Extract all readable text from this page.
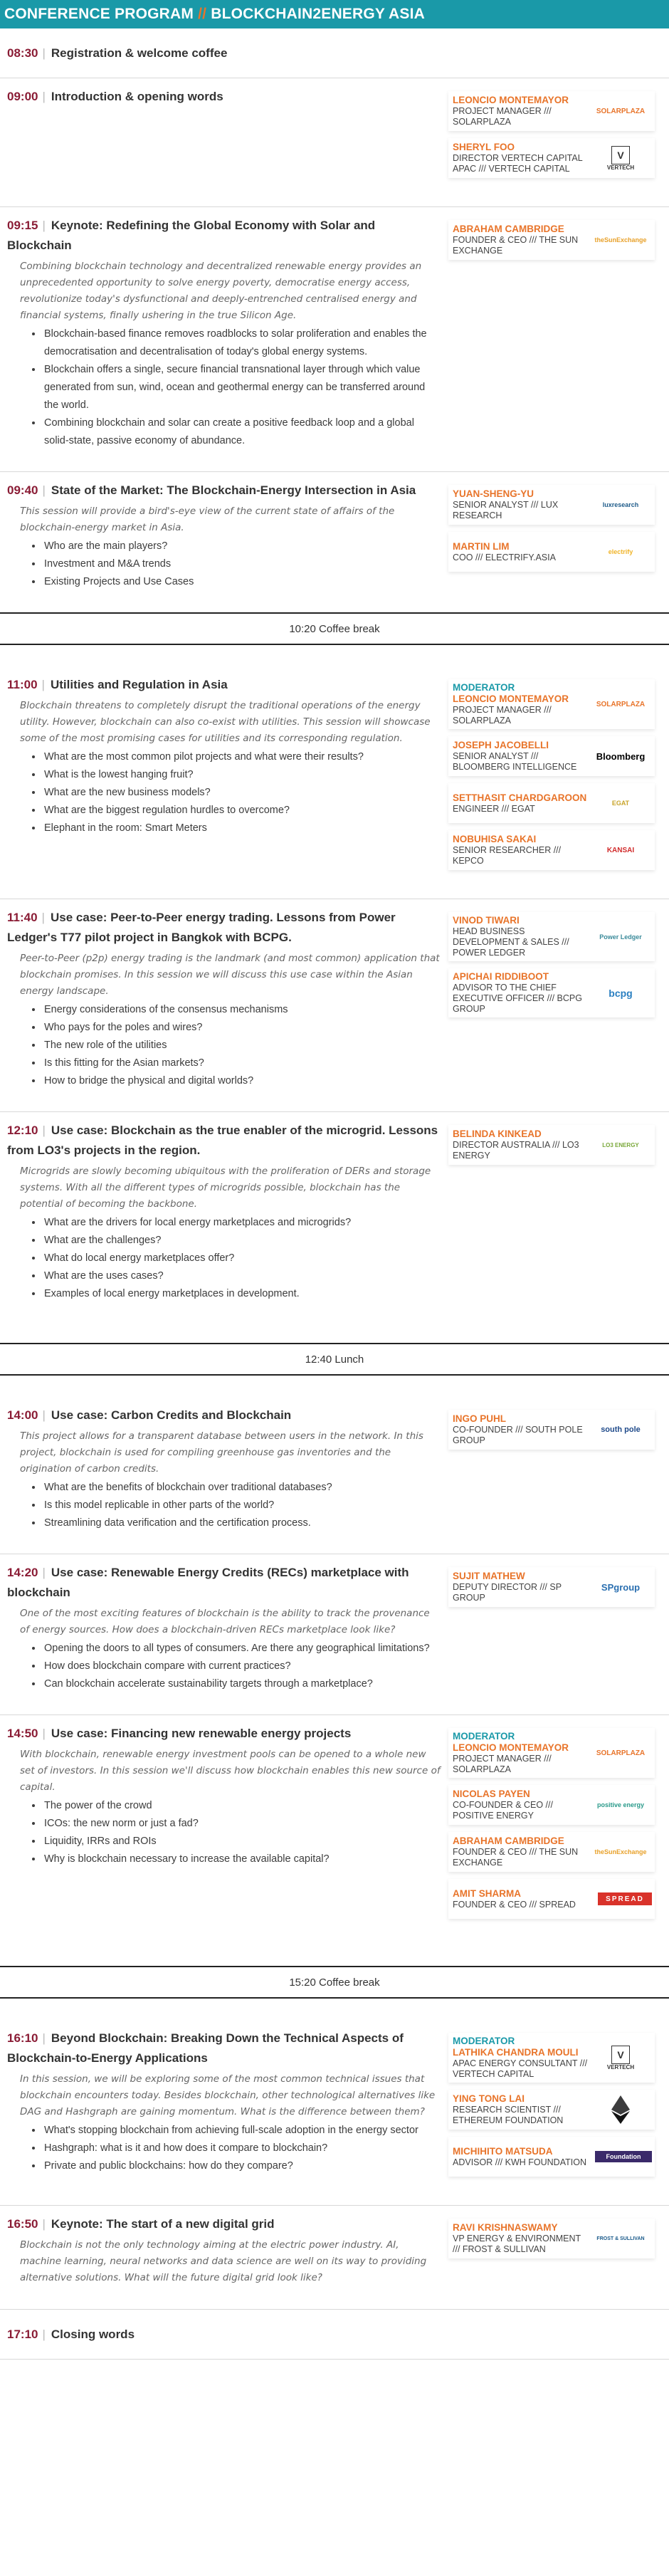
CONFERENCE PROGRAM // BLOCKCHAIN2ENERGY ASIA
08:30 | Registration & welcome coffee
09:00 | Introduction & opening words	LEONCIO MONTEMAYOR
PROJECT MANAGER /// SOLARPLAZA
SOLARPLAZA
SHERYL FOO
DIRECTOR VERTECH CAPITAL APAC /// VERTECH CAPITAL
V
VERTECH
09:15 | Keynote: Redefining the Global Economy with Solar and Blockchain
Combining blockchain technology and decentralized renewable energy provides an unprecedented opportunity to solve energy poverty, democratise energy access, revolutionize today's dysfunctional and deeply-entrenched centralised energy and financial systems, finally ushering in the true Silicon Age.
• Blockchain-based finance removes roadblocks to solar proliferation and enables the democratisation and decentralisation of today's global energy systems.
• Blockchain offers a single, secure financial transnational layer through which value generated from sun, wind, ocean and geothermal energy can be transferred around the world.
• Combining blockchain and solar can create a positive feedback loop and a global solid-state, passive economy of abundance.
ABRAHAM CAMBRIDGE
FOUNDER & CEO /// THE SUN EXCHANGE
theSunExchange
09:40 | State of the Market: The Blockchain-Energy Intersection in Asia
This session will provide a bird's-eye view of the current state of affairs of the blockchain-energy market in Asia.
• Who are the main players?
• Investment and M&A trends
• Existing Projects and Use Cases
YUAN-SHENG-YU
SENIOR ANALYST /// LUX RESEARCH
luxresearch
MARTIN LIM
COO /// ELECTRIFY.ASIA
electrify
10:20 Coffee break
11:00 | Utilities and Regulation in Asia
Blockchain threatens to completely disrupt the traditional operations of the energy utility. However, blockchain can also co-exist with utilities. This session will showcase some of the most promising cases for utilities and its corresponding regulation.
• What are the most common pilot projects and what were their results?
• What is the lowest hanging fruit?
• What are the new business models?
• What are the biggest regulation hurdles to overcome?
• Elephant in the room: Smart Meters
MODERATOR
LEONCIO MONTEMAYOR
PROJECT MANAGER /// SOLARPLAZA
SOLARPLAZA
JOSEPH JACOBELLI
SENIOR ANALYST /// BLOOMBERG INTELLIGENCE
Bloomberg
SETTHASIT CHARDGAROON
ENGINEER /// EGAT
EGAT
NOBUHISA SAKAI
SENIOR RESEARCHER /// KEPCO
KANSAI
11:40 | Use case: Peer-to-Peer energy trading. Lessons from Power Ledger's T77 pilot project in Bangkok with BCPG.
Peer-to-Peer (p2p) energy trading is the landmark (and most common) application that blockchain promises. In this session we will discuss this use case within the Asian energy landscape.
• Energy considerations of the consensus mechanisms
• Who pays for the poles and wires?
• The new role of the utilities
• Is this fitting for the Asian markets?
• How to bridge the physical and digital worlds?
VINOD TIWARI
HEAD BUSINESS DEVELOPMENT & SALES /// POWER LEDGER
Power Ledger
APICHAI RIDDIBOOT
ADVISOR TO THE CHIEF EXECUTIVE OFFICER /// BCPG GROUP
bcpg
12:10 | Use case: Blockchain as the true enabler of the microgrid. Lessons from LO3's projects in the region.
Microgrids are slowly becoming ubiquitous with the proliferation of DERs and storage systems. With all the different types of microgrids possible, blockchain has the potential of becoming the backbone.
• What are the drivers for local energy marketplaces and microgrids?
• What are the challenges?
• What do local energy marketplaces offer?
• What are the uses cases?
• Examples of local energy marketplaces in development.
BELINDA KINKEAD
DIRECTOR AUSTRALIA /// LO3 ENERGY
LO3 ENERGY
12:40 Lunch
14:00 | Use case: Carbon Credits and Blockchain
This project allows for a transparent database between users in the network. In this project, blockchain is used for compiling greenhouse gas inventories and the origination of carbon credits.
• What are the benefits of blockchain over traditional databases?
• Is this model replicable in other parts of the world?
• Streamlining data verification and the certification process.
INGO PUHL
CO-FOUNDER /// SOUTH POLE GROUP
south pole
14:20 | Use case: Renewable Energy Credits (RECs) marketplace with blockchain
One of the most exciting features of blockchain is the ability to track the provenance of energy sources. How does a blockchain-driven RECs marketplace look like?
• Opening the doors to all types of consumers. Are there any geographical limitations?
• How does blockchain compare with current practices?
• Can blockchain accelerate sustainability targets through a marketplace?
SUJIT MATHEW
DEPUTY DIRECTOR /// SP GROUP
SPgroup
14:50 | Use case: Financing new renewable energy projects
With blockchain, renewable energy investment pools can be opened to a whole new set of investors. In this session we'll discuss how blockchain enables this new source of capital.
• The power of the crowd
• ICOs: the new norm or just a fad?
• Liquidity, IRRs and ROIs
• Why is blockchain necessary to increase the available capital?
MODERATOR
LEONCIO MONTEMAYOR
PROJECT MANAGER /// SOLARPLAZA
SOLARPLAZA
NICOLAS PAYEN
CO-FOUNDER & CEO /// POSITIVE ENERGY
positive energy
ABRAHAM CAMBRIDGE
FOUNDER & CEO /// THE SUN EXCHANGE
theSunExchange
AMIT SHARMA
FOUNDER & CEO /// SPREAD
SPREAD
15:20 Coffee break
16:10 | Beyond Blockchain: Breaking Down the Technical Aspects of Blockchain-to-Energy Applications
In this session, we will be exploring some of the most common technical issues that blockchain encounters today. Besides blockchain, other technological alternatives like DAG and Hashgraph are gaining momentum. What is the difference between them?
• What's stopping blockchain from achieving full-scale adoption in the energy sector
• Hashgraph: what is it and how does it compare to blockchain?
• Private and public blockchains: how do they compare?
MODERATOR
LATHIKA CHANDRA MOULI
APAC ENERGY CONSULTANT /// VERTECH CAPITAL
V
VERTECH
YING TONG LAI
RESEARCH SCIENTIST /// ETHEREUM FOUNDATION
MICHIHITO MATSUDA
ADVISOR /// KWH FOUNDATION
Foundation
16:50 | Keynote: The start of a new digital grid
Blockchain is not the only technology aiming at the electric power industry. AI, machine learning, neural networks and data science are well on its way to providing alternative solutions. What will the future digital grid look like?
RAVI KRISHNASWAMY
VP ENERGY & ENVIRONMENT /// FROST & SULLIVAN
FROST & SULLIVAN
17:10 | Closing words
